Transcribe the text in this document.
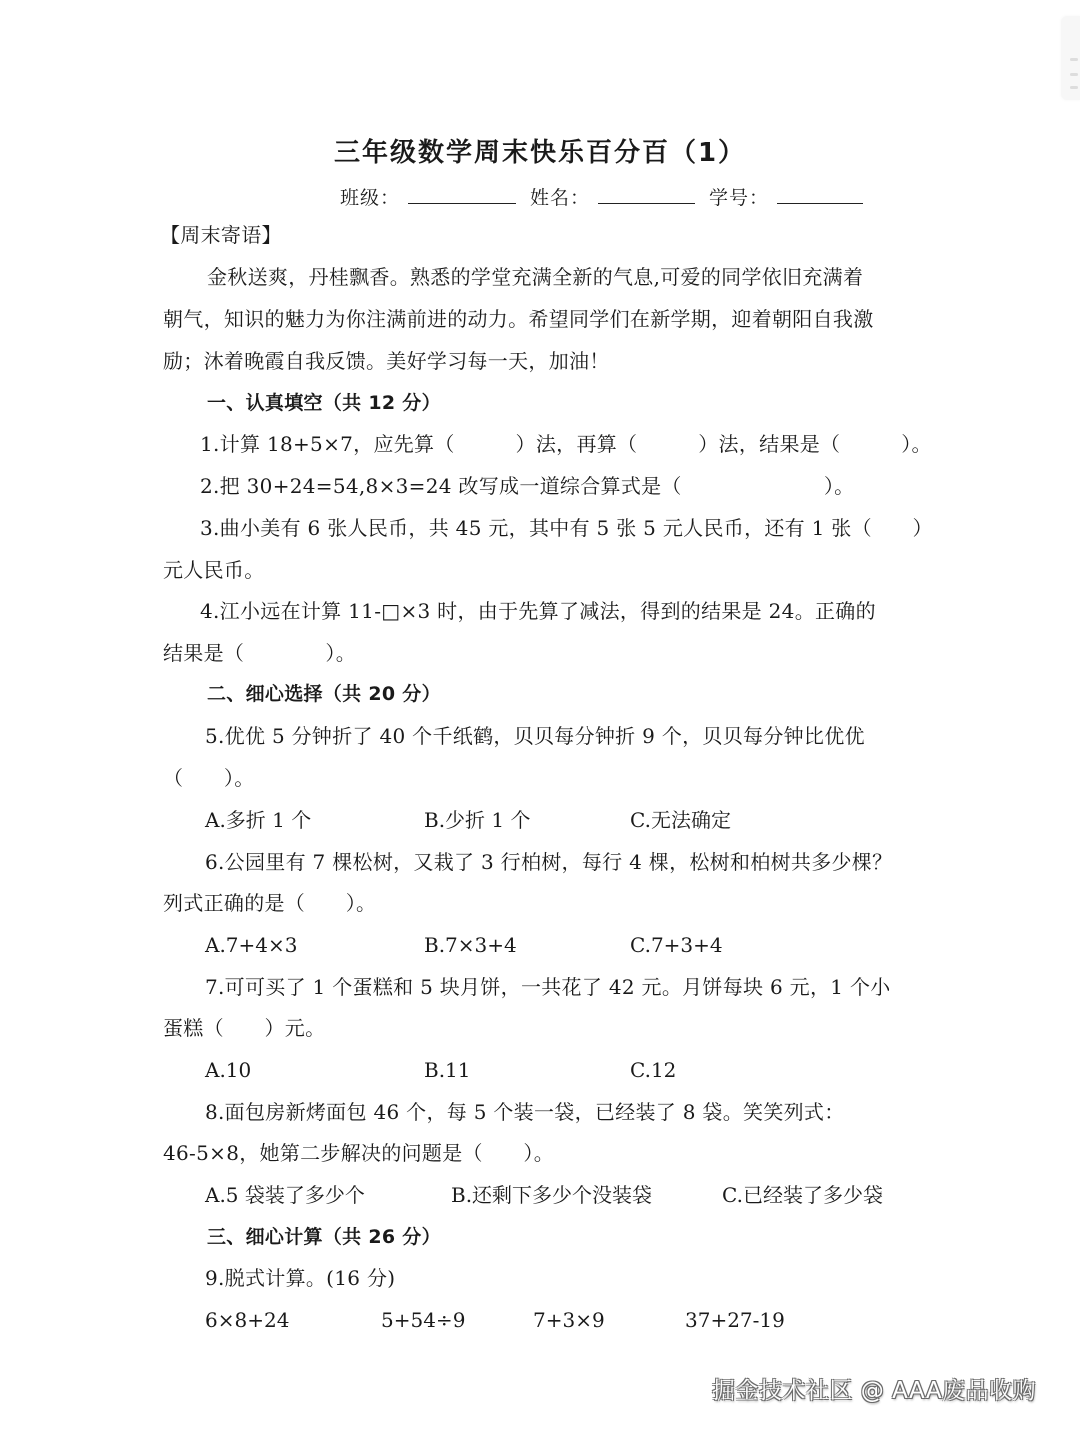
三年级数学周末快乐百分百（1）
班级：	姓名：	学号：
【周末寄语】
金秋送爽，丹桂飘香。熟悉的学堂充满全新的气息,可爱的同学依旧充满着
朝气，知识的魅力为你注满前进的动力。希望同学们在新学期，迎着朝阳自我激
励；沐着晚霞自我反馈。美好学习每一天，加油！
一、认真填空（共 12 分）
1.计算 18+5×7，应先算（　　　）法，再算（　　　）法，结果是（　　　）。
2.把 30+24=54,8×3=24 改写成一道综合算式是（　　　　　　　）。
3.曲小美有 6 张人民币，共 45 元，其中有 5 张 5 元人民币，还有 1 张（　　）
元人民币。
4.江小远在计算 11-□×3 时，由于先算了减法，得到的结果是 24。正确的
结果是（　　　　）。
二、细心选择（共 20 分）
5.优优 5 分钟折了 40 个千纸鹤，贝贝每分钟折 9 个，贝贝每分钟比优优
（　　）。
A.多折 1 个	B.少折 1 个	C.无法确定
6.公园里有 7 棵松树，又栽了 3 行柏树，每行 4 棵，松树和柏树共多少棵？
列式正确的是（　　）。
A.7+4×3	B.7×3+4	C.7+3+4
7.可可买了 1 个蛋糕和 5 块月饼，一共花了 42 元。月饼每块 6 元，1 个小
蛋糕（　　）元。
A.10	B.11	C.12
8.面包房新烤面包 46 个，每 5 个装一袋，已经装了 8 袋。笑笑列式：
46-5×8，她第二步解决的问题是（　　）。
A.5 袋装了多少个	B.还剩下多少个没装袋	C.已经装了多少袋
三、细心计算（共 26 分）
9.脱式计算。(16 分)
6×8+24	5+54÷9	7+3×9	37+27-19
掘金技术社区 @ AAA废品收购
